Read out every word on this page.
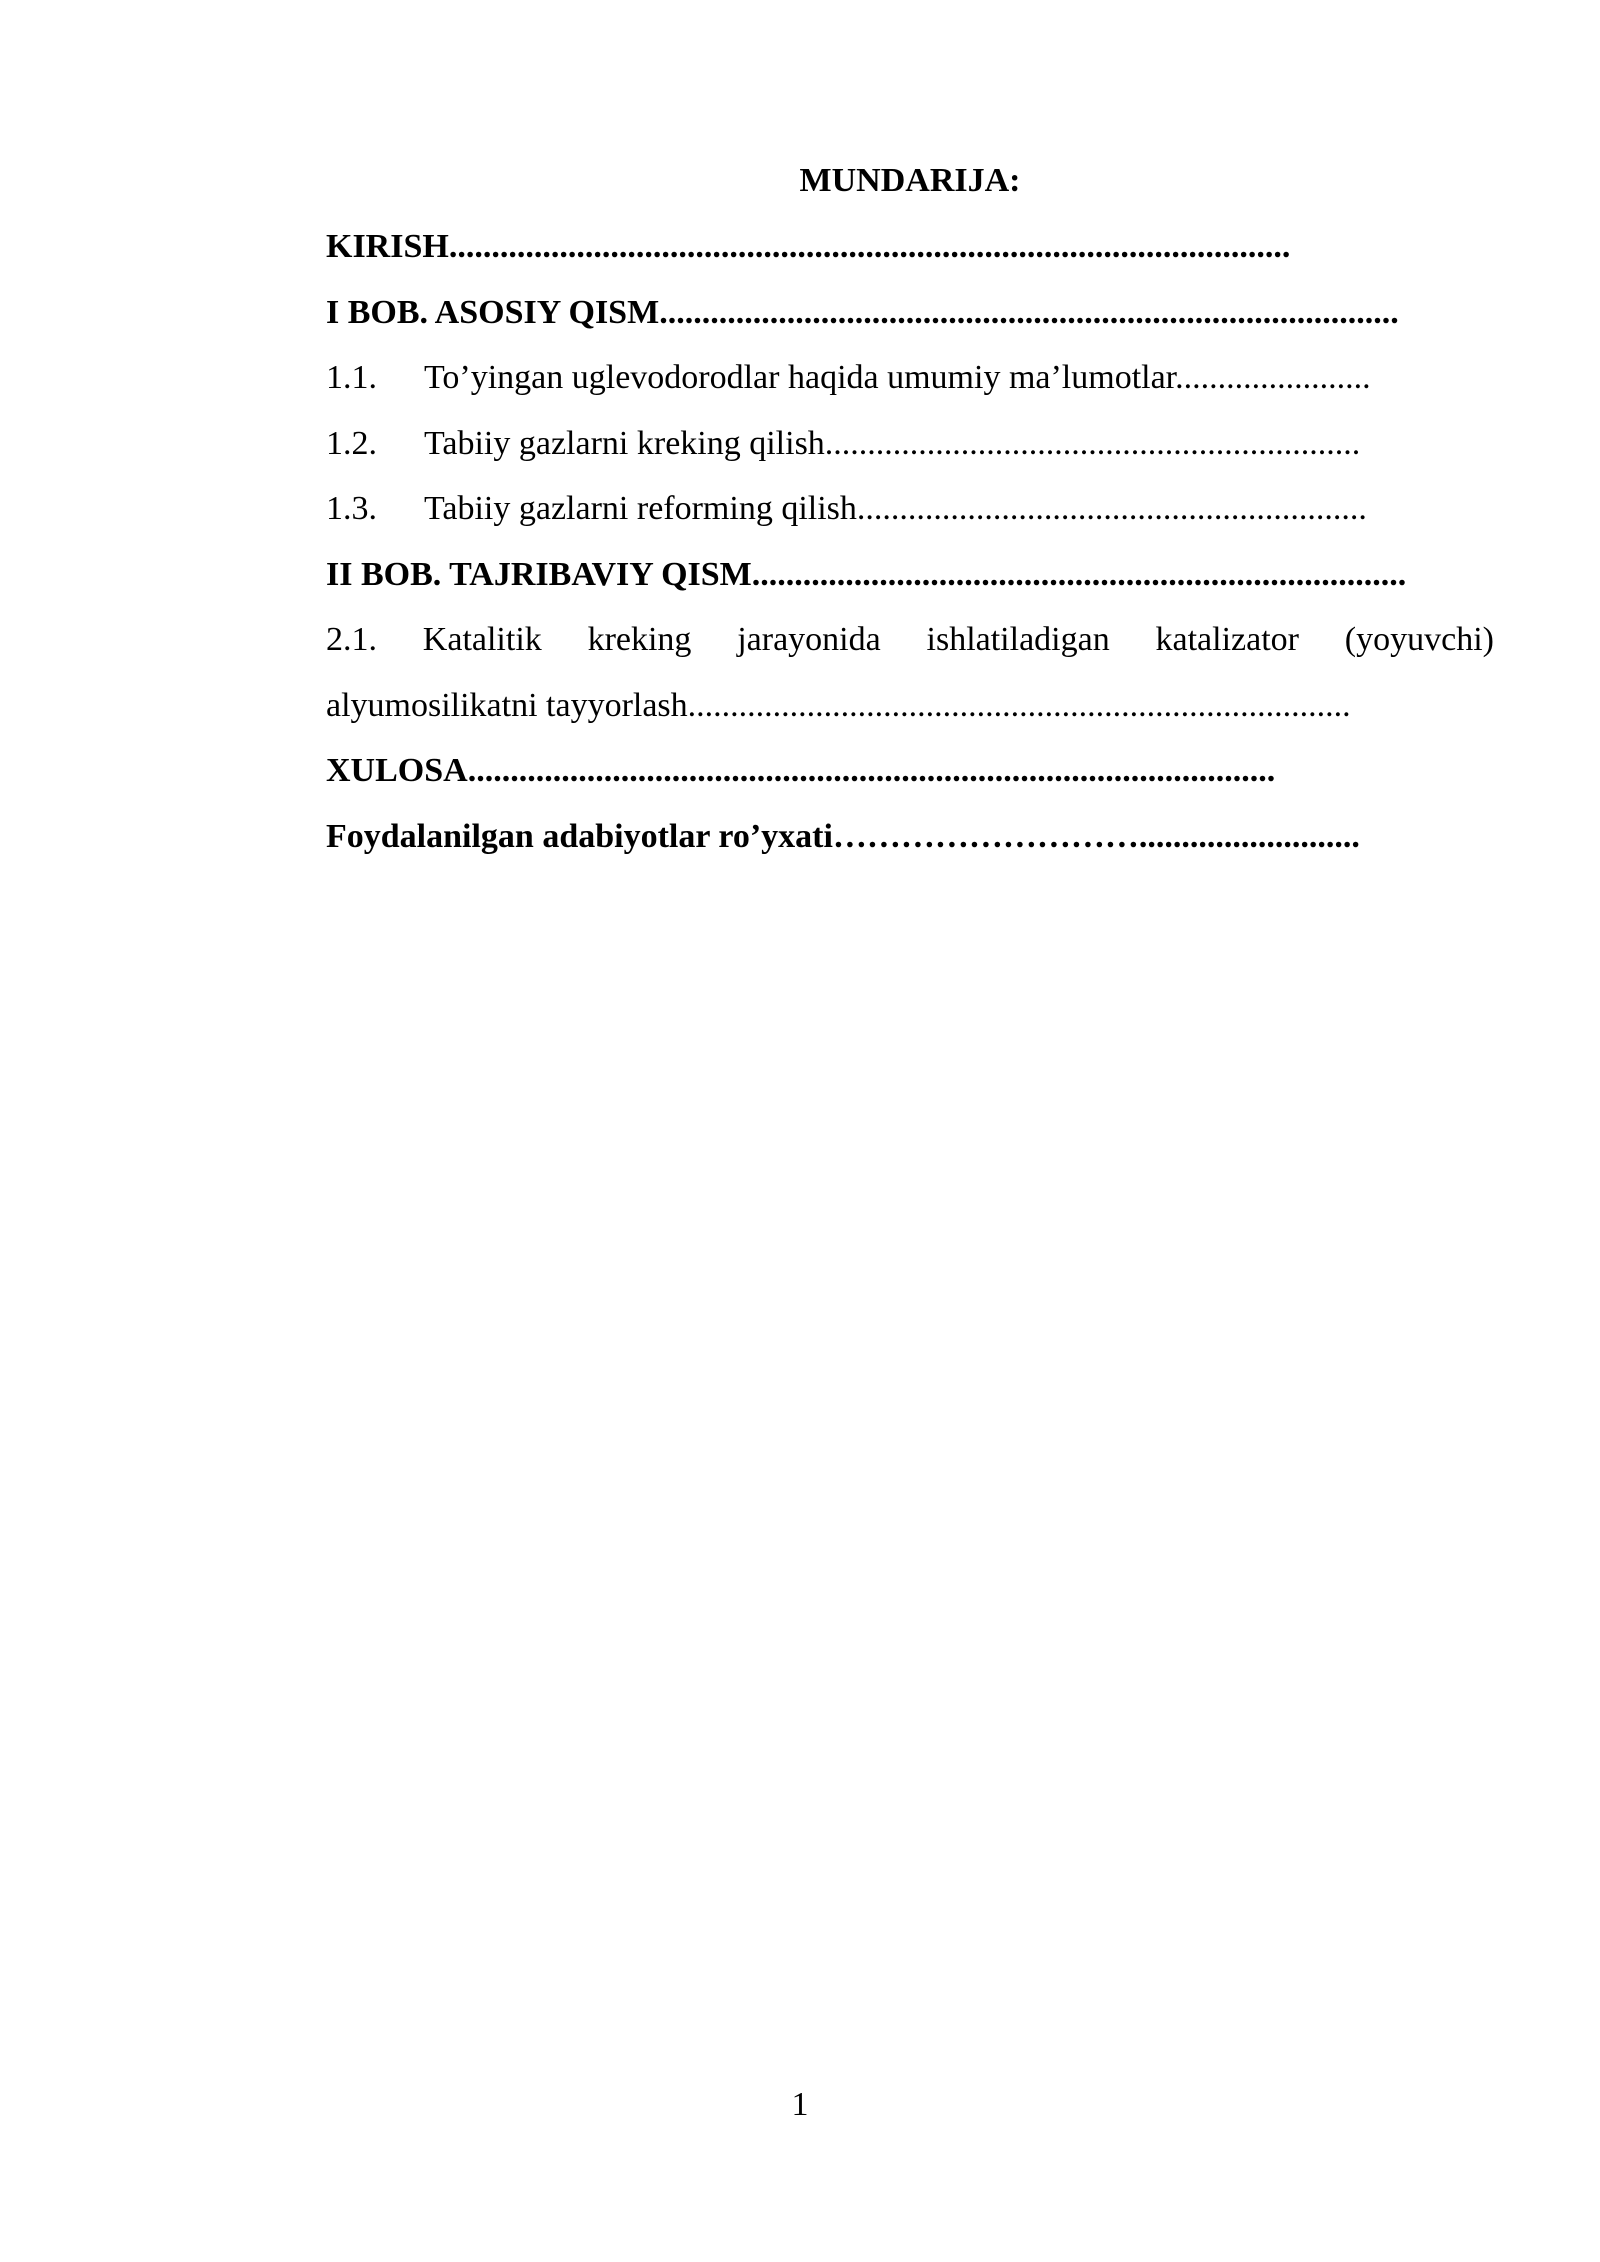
MUNDARIJA:
KIRISH...................................................................................................
I BOB. ASOSIY QISM.......................................................................................
1.1. To’yingan uglevodorodlar haqida umumiy ma’lumotlar.......................
1.2. Tabiiy gazlarni kreking qilish...............................................................
1.3. Tabiiy gazlarni reforming qilish............................................................
II BOB. TAJRIBAVIY QISM.............................................................................
2.1. Katalitik kreking jarayonida ishlatiladigan katalizator (yoyuvchi)
alyumosilikatni tayyorlash..............................................................................
XULOSA...............................................................................................
Foydalanilgan adabiyotlar ro’yxati………………………..........................
1
